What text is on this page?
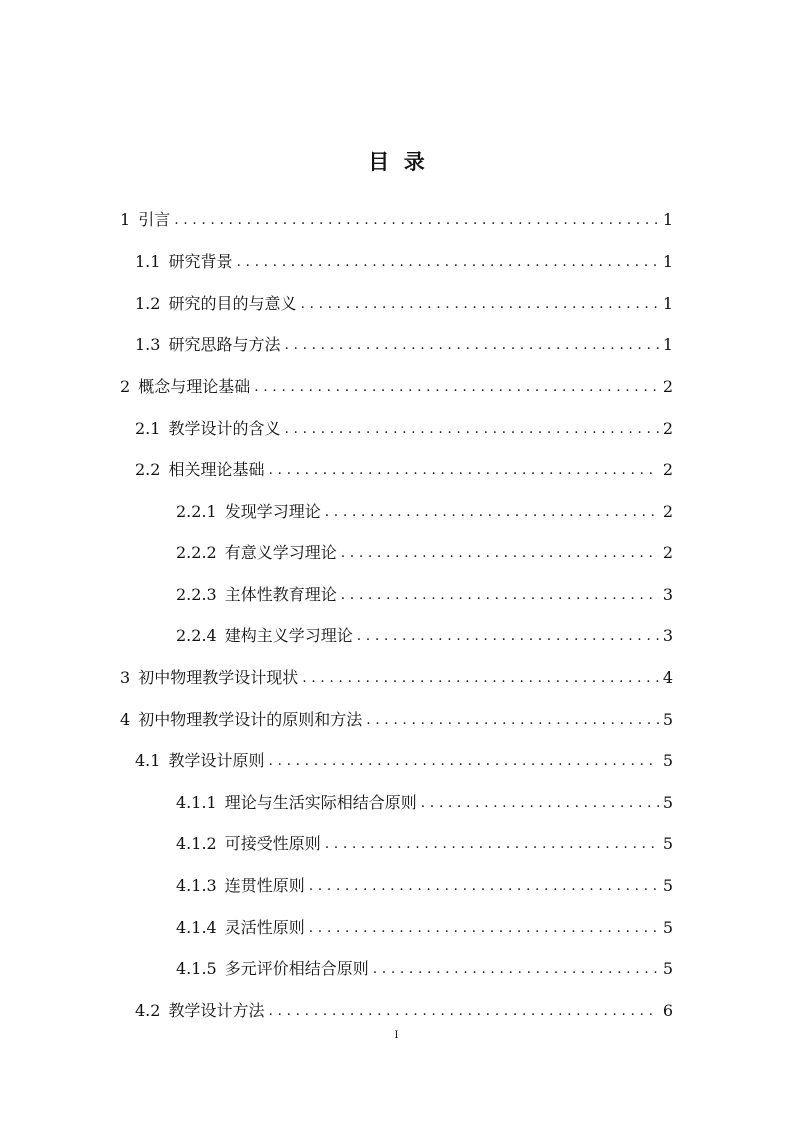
目  录
1 引言 .....	1
1.1 研究背景 .....	1
1.2 研究的目的与意义 .....	1
1.3 研究思路与方法 .....	1
2 概念与理论基础 .....	2
2.1 教学设计的含义 .....	2
2.2 相关理论基础 .....	2
2.2.1 发现学习理论 .....	2
2.2.2 有意义学习理论 .....	2
2.2.3 主体性教育理论 .....	3
2.2.4 建构主义学习理论 .....	3
3 初中物理教学设计现状 .....	4
4 初中物理教学设计的原则和方法 .....	5
4.1 教学设计原则 .....	5
4.1.1 理论与生活实际相结合原则 .....	5
4.1.2 可接受性原则 .....	5
4.1.3 连贯性原则 .....	5
4.1.4 灵活性原则 .....	5
4.1.5 多元评价相结合原则 .....	5
4.2 教学设计方法 .....	6
I
